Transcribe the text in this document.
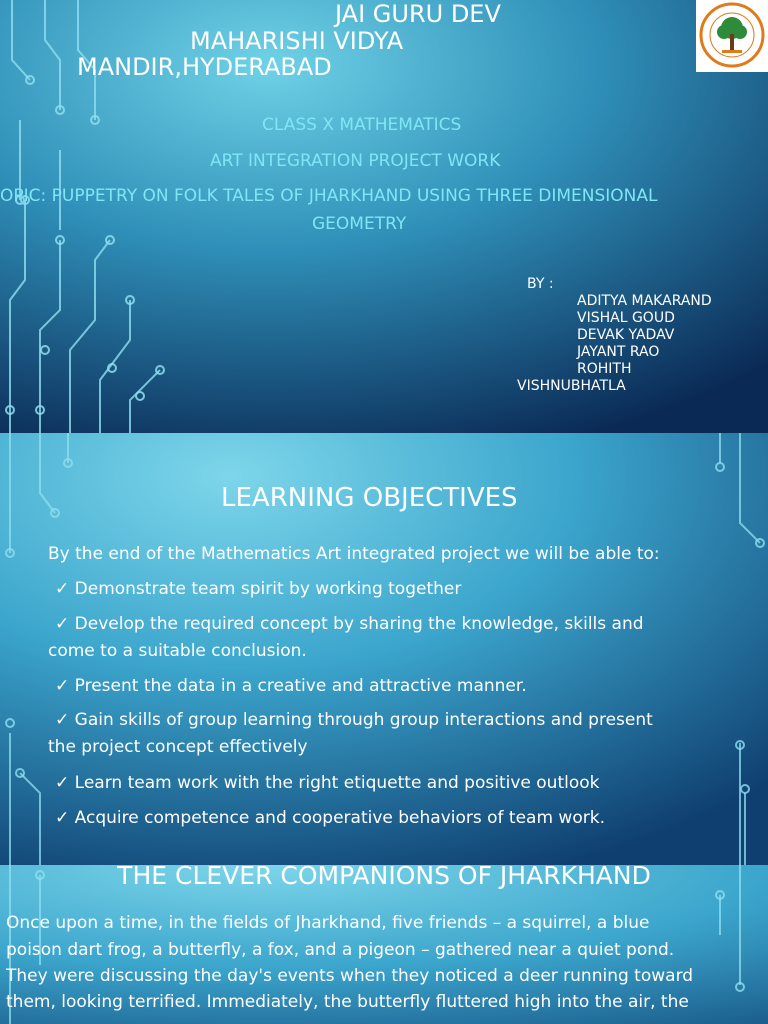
JAI GURU DEV

MAHARISHI VIDYA

MANDIR,HYDERABAD

CLASS X MATHEMATICS

ART INTEGRATION PROJECT WORK

OPIC: PUPPETRY ON FOLK TALES OF JHARKHAND USING THREE DIMENSIONAL

GEOMETRY

BY :

ADITYA MAKARAND

VISHAL GOUD

DEVAK YADAV

JAYANT RAO

ROHITH

VISHNUBHATLA

LEARNING OBJECTIVES

By the end of the Mathematics Art integrated project we will be able to:

✓ Demonstrate team spirit by working together

✓ Develop the required concept by sharing the knowledge, skills and

come to a suitable conclusion.

✓ Present the data in a creative and attractive manner.

✓ Gain skills of group learning through group interactions and present

the project concept effectively

✓ Learn team work with the right etiquette and positive outlook

✓ Acquire competence and cooperative behaviors of team work.

THE CLEVER COMPANIONS OF JHARKHAND

Once upon a time, in the fields of Jharkhand, five friends – a squirrel, a blue

poison dart frog, a butterfly, a fox, and a pigeon – gathered near a quiet pond.

They were discussing the day's events when they noticed a deer running toward

them, looking terrified. Immediately, the butterfly fluttered high into the air, the
